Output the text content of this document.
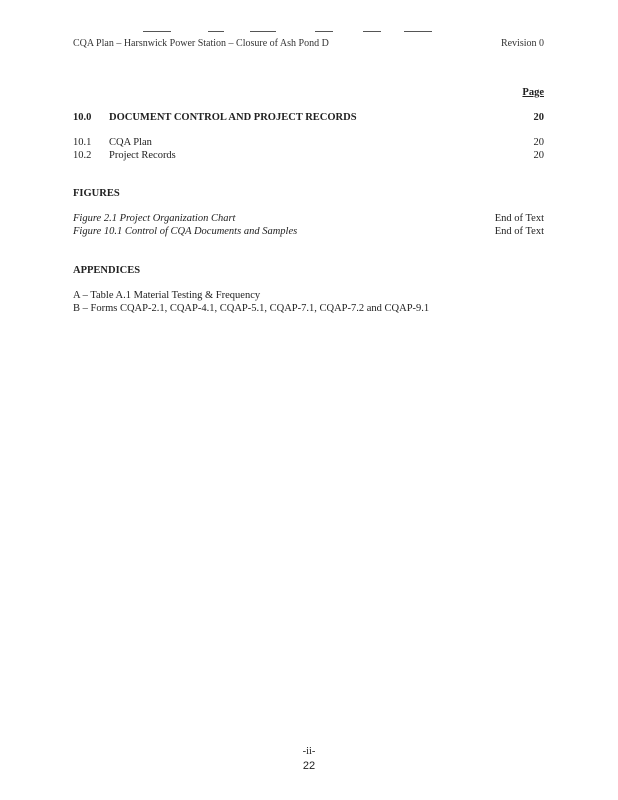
CQA Plan – Harsnwick Power Station – Closure of Ash Pond D	Revision 0
Page
10.0 DOCUMENT CONTROL AND PROJECT RECORDS	20
10.1 CQA Plan	20
10.2 Project Records	20
FIGURES
Figure 2.1 Project Organization Chart	End of Text
Figure 10.1 Control of CQA Documents and Samples	End of Text
APPENDICES
A – Table A.1 Material Testing & Frequency
B – Forms CQAP-2.1, CQAP-4.1, CQAP-5.1, CQAP-7.1, CQAP-7.2 and CQAP-9.1
-ii-
22
